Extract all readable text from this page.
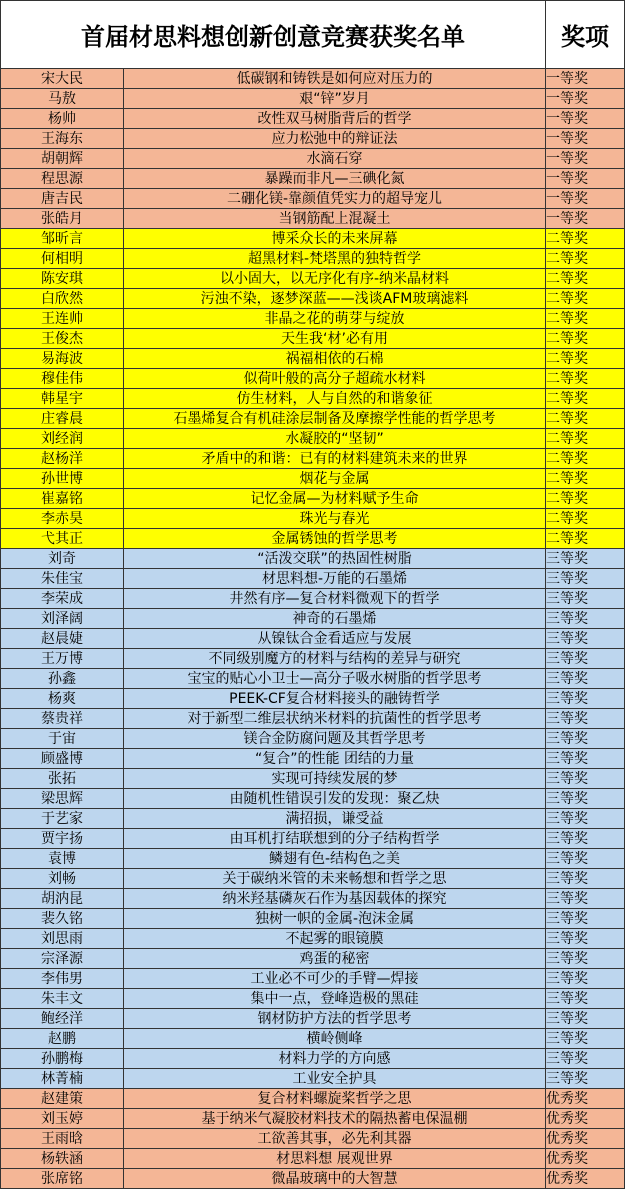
首届材思料想创新创意竞赛获奖名单		奖项
宋大民	低碳钢和铸铁是如何应对压力的	一等奖
马敖	艰“锌”岁月	一等奖
杨帅	改性双马树脂背后的哲学	一等奖
王海东	应力松弛中的辩证法	一等奖
胡朝辉	水滴石穿	一等奖
程思源	暴躁而非凡—三碘化氮	一等奖
唐吉民	二硼化镁-靠颜值凭实力的超导宠儿	一等奖
张皓月	当钢筋配上混凝土	一等奖
邹昕言	博采众长的未来屏幕	二等奖
何相明	超黑材料-梵塔黑的独特哲学	二等奖
陈安琪	以小固大，以无序化有序-纳米晶材料	二等奖
白欣然	污浊不染，逐梦深蓝——浅谈AFM玻璃滤料	二等奖
王连帅	非晶之花的萌芽与绽放	二等奖
王俊杰	天生我‘材’必有用	二等奖
易海波	祸福相依的石棉	二等奖
穆佳伟	似荷叶般的高分子超疏水材料	二等奖
韩星宇	仿生材料，人与自然的和谐象征	二等奖
庄睿晨	石墨烯复合有机硅涂层制备及摩擦学性能的哲学思考	二等奖
刘经润	水凝胶的“坚韧”	二等奖
赵杨洋	矛盾中的和谐：已有的材料建筑未来的世界	二等奖
孙世博	烟花与金属	二等奖
崔嘉铭	记忆金属—为材料赋予生命	二等奖
李赤昊	珠光与春光	二等奖
弋其正	金属锈蚀的哲学思考	二等奖
刘奇	“活泼交联”的热固性树脂	三等奖
朱佳宝	材思料想-万能的石墨烯	三等奖
李荣成	井然有序—复合材料微观下的哲学	三等奖
刘泽阔	神奇的石墨烯	三等奖
赵晨婕	从镍钛合金看适应与发展	三等奖
王万博	不同级别魔方的材料与结构的差异与研究	三等奖
孙鑫	宝宝的贴心小卫士—高分子吸水树脂的哲学思考	三等奖
杨爽	PEEK-CF复合材料接头的融铸哲学	三等奖
蔡贵祥	对于新型二维层状纳米材料的抗菌性的哲学思考	三等奖
于宙	镁合金防腐问题及其哲学思考	三等奖
顾盛博	“复合”的性能 团结的力量	三等奖
张拓	实现可持续发展的梦	三等奖
梁思辉	由随机性错误引发的发现：聚乙炔	三等奖
于艺家	满招损，谦受益	三等奖
贾宇扬	由耳机打结联想到的分子结构哲学	三等奖
袁博	鳞翅有色-结构色之美	三等奖
刘畅	关于碳纳米管的未来畅想和哲学之思	三等奖
胡汭昆	纳米羟基磷灰石作为基因载体的探究	三等奖
裴久铭	独树一帜的金属-泡沫金属	三等奖
刘思雨	不起雾的眼镜膜	三等奖
宗泽源	鸡蛋的秘密	三等奖
李伟男	工业必不可少的手臂—焊接	三等奖
朱丰文	集中一点，登峰造极的黑硅	三等奖
鲍经洋	钢材防护方法的哲学思考	三等奖
赵鹏	横岭侧峰	三等奖
孙鹏梅	材料力学的方向感	三等奖
林菁楠	工业安全护具	三等奖
赵建策	复合材料螺旋桨哲学之思	优秀奖
刘玉婷	基于纳米气凝胶材料技术的隔热蓄电保温棚	优秀奖
王雨晗	工欲善其事，必先利其器	优秀奖
杨轶涵	材思料想 展观世界	优秀奖
张席铭	微晶玻璃中的大智慧	优秀奖
